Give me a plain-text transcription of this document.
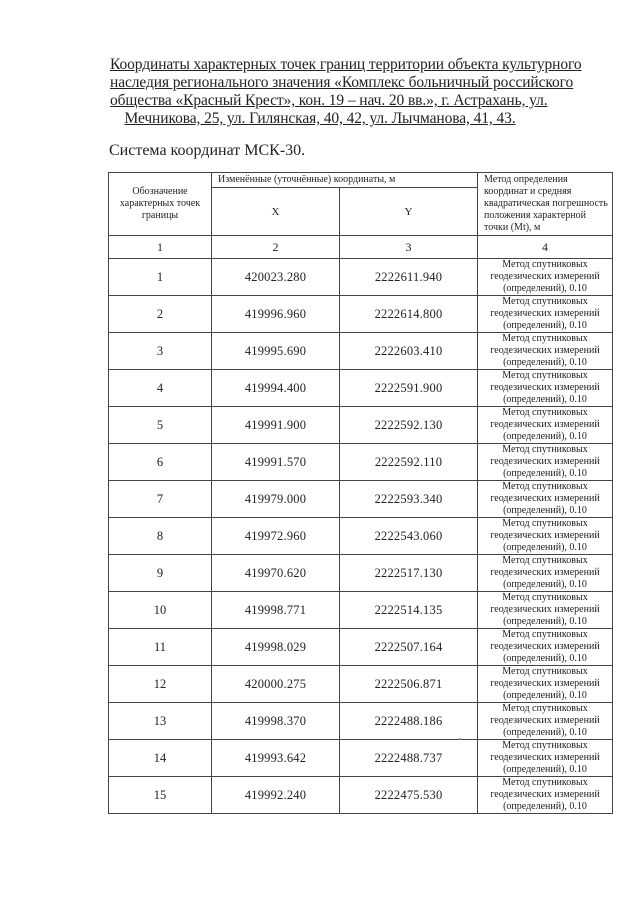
Координаты характерных точек границ территории объекта культурного
наследия регионального значения «Комплекс больничный российского
общества «Красный Крест», кон. 19 – нач. 20 вв.», г. Астрахань, ул.
Мечникова, 25, ул. Гилянская, 40, 42, ул. Лычманова, 41, 43.
Система координат МСК-30.
Обозначение характерных точек границы	Изменённые (уточнённые) координаты, м		Метод определения координат и средняя квадратическая погрешность положения характерной точки (Mt), м
	X	Y	
1	2	3	4
1	420023.280	2222611.940	Метод спутниковых геодезических измерений (определений), 0.10
2	419996.960	2222614.800	Метод спутниковых геодезических измерений (определений), 0.10
3	419995.690	2222603.410	Метод спутниковых геодезических измерений (определений), 0.10
4	419994.400	2222591.900	Метод спутниковых геодезических измерений (определений), 0.10
5	419991.900	2222592.130	Метод спутниковых геодезических измерений (определений), 0.10
6	419991.570	2222592.110	Метод спутниковых геодезических измерений (определений), 0.10
7	419979.000	2222593.340	Метод спутниковых геодезических измерений (определений), 0.10
8	419972.960	2222543.060	Метод спутниковых геодезических измерений (определений), 0.10
9	419970.620	2222517.130	Метод спутниковых геодезических измерений (определений), 0.10
10	419998.771	2222514.135	Метод спутниковых геодезических измерений (определений), 0.10
11	419998.029	2222507.164	Метод спутниковых геодезических измерений (определений), 0.10
12	420000.275	2222506.871	Метод спутниковых геодезических измерений (определений), 0.10
13	419998.370	2222488.186	Метод спутниковых геодезических измерений (определений), 0.10
14	419993.642	2222488.737	Метод спутниковых геодезических измерений (определений), 0.10
15	419992.240	2222475.530	Метод спутниковых геодезических измерений (определений), 0.10
